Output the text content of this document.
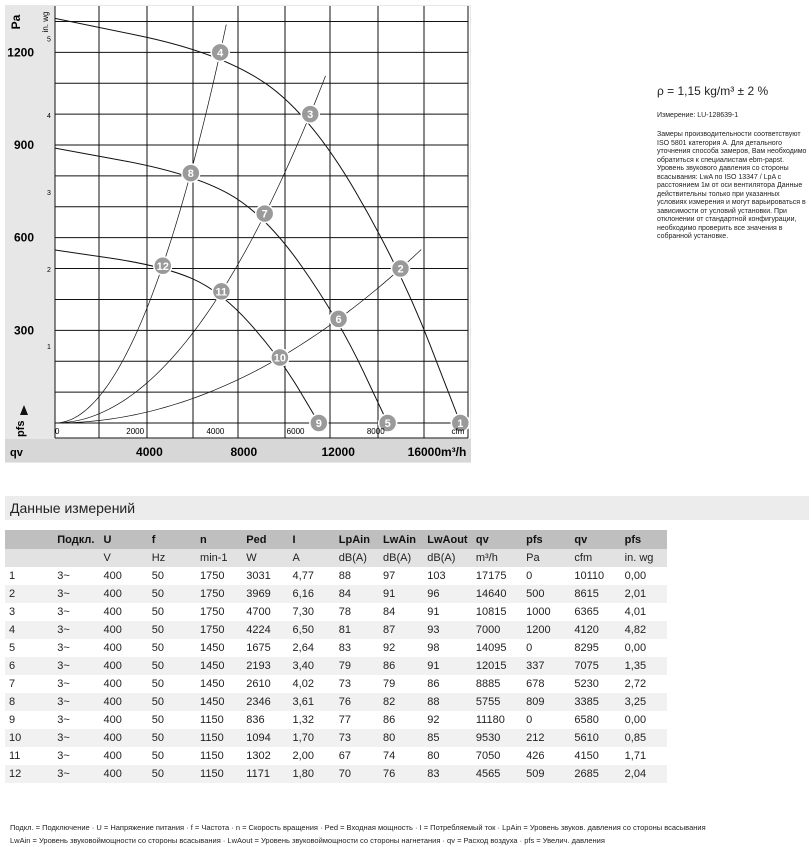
1
2
3
4
5
6
7
8
9
10
11
12
300
600
900
1200
1
2
3
4
5
0	2000	4000	6000	8000	cfm
4000	8000	12000	16000m³/h
Pa in. wg
pfs
qv

ρ = 1,15 kg/m³ ± 2 %

Измерение: LU-128639-1

Замеры производительности соответствуют ISO 5801 категория А. Для детального уточнения способа замеров, Вам необходимо обратиться к специалистам ebm-papst. Уровень звукового давления со стороны всасывания: LwA по ISO 13347 / LpA с расстоянием 1м от оси вентилятора Данные действительны только при указанных условиях измерения и могут варьироваться в зависимости от условий установки. При отклонении от стандартной конфигурации, необходимо проверить все значения в собранной установке.

Данные измерений
	Подкл.	U	f	n	Ped	I	LpAin	LwAin	LwAout	qv	pfs	qv	pfs
		V	Hz	min-1	W	A	dB(A)	dB(A)	dB(A)	m³/h	Pa	cfm	in. wg
1	3~	400	50	1750	3031	4,77	88	97	103	17175	0	10110	0,00
2	3~	400	50	1750	3969	6,16	84	91	96	14640	500	8615	2,01
3	3~	400	50	1750	4700	7,30	78	84	91	10815	1000	6365	4,01
4	3~	400	50	1750	4224	6,50	81	87	93	7000	1200	4120	4,82
5	3~	400	50	1450	1675	2,64	83	92	98	14095	0	8295	0,00
6	3~	400	50	1450	2193	3,40	79	86	91	12015	337	7075	1,35
7	3~	400	50	1450	2610	4,02	73	79	86	8885	678	5230	2,72
8	3~	400	50	1450	2346	3,61	76	82	88	5755	809	3385	3,25
9	3~	400	50	1150	836	1,32	77	86	92	11180	0	6580	0,00
10	3~	400	50	1150	1094	1,70	73	80	85	9530	212	5610	0,85
11	3~	400	50	1150	1302	2,00	67	74	80	7050	426	4150	1,71
12	3~	400	50	1150	1171	1,80	70	76	83	4565	509	2685	2,04
Подкл. = Подключение · U = Напряжение питания · f = Частота · n = Скорость вращения · Ped = Входная мощность · I = Потребляемый ток · LpAin = Уровень звуков. давления со стороны всасывания
LwAin = Уровень звуковоймощности со стороны всасывания · LwAout = Уровень звуковоймощности со стороны нагнетания · qv = Расход воздуха · pfs = Увелич. давления
